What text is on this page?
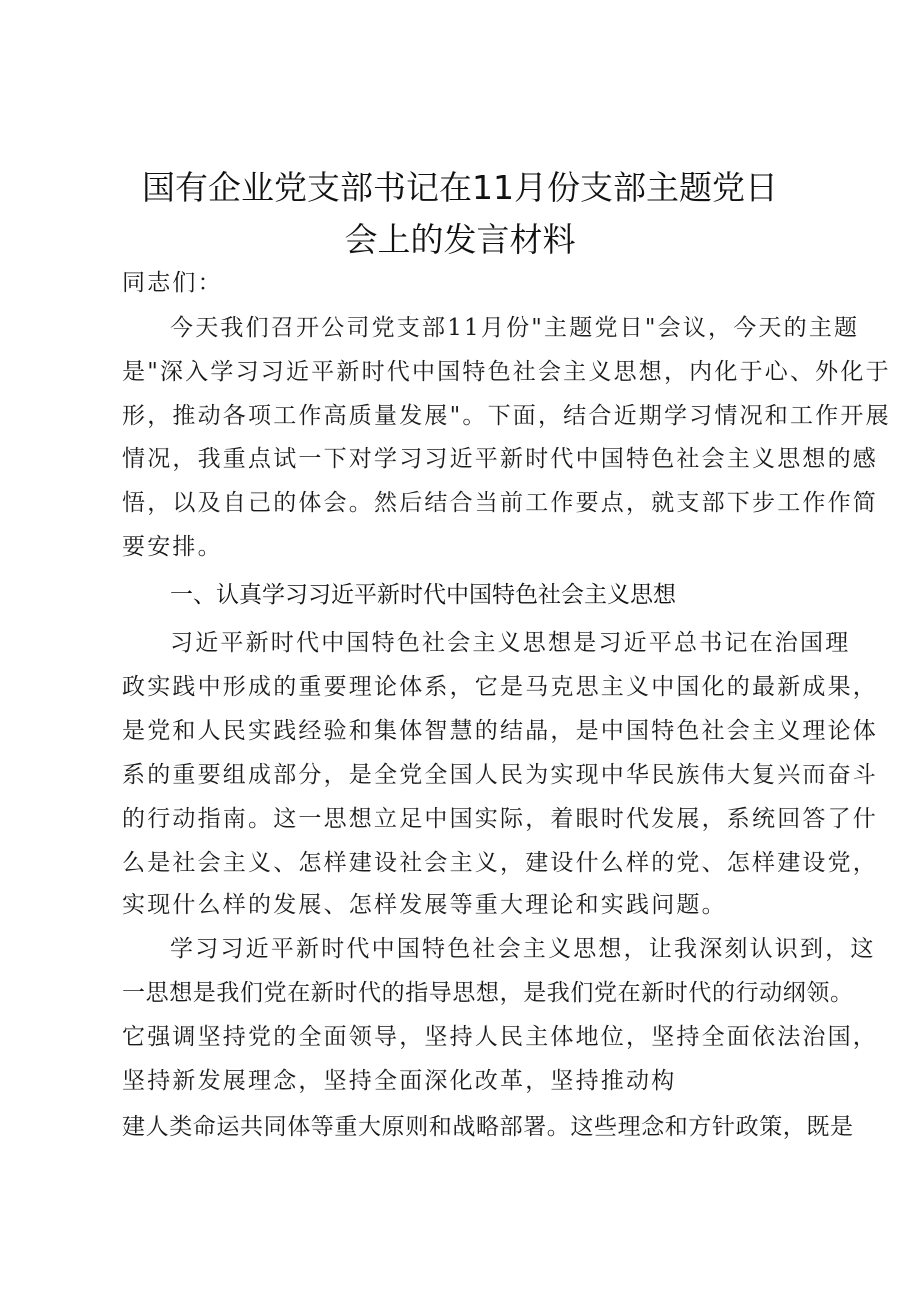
国有企业党支部书记在11月份支部主题党日
会上的发言材料

同志们：

今天我们召开公司党支部11月份"主题党日"会议，今天的主题

是"深入学习习近平新时代中国特色社会主义思想，内化于心、外化于

形，推动各项工作高质量发展"。下面，结合近期学习情况和工作开展

情况，我重点试一下对学习习近平新时代中国特色社会主义思想的感

悟，以及自己的体会。然后结合当前工作要点，就支部下步工作作简

要安排。

一、认真学习习近平新时代中国特色社会主义思想

习近平新时代中国特色社会主义思想是习近平总书记在治国理

政实践中形成的重要理论体系，它是马克思主义中国化的最新成果，

是党和人民实践经验和集体智慧的结晶，是中国特色社会主义理论体

系的重要组成部分，是全党全国人民为实现中华民族伟大复兴而奋斗

的行动指南。这一思想立足中国实际，着眼时代发展，系统回答了什

么是社会主义、怎样建设社会主义，建设什么样的党、怎样建设党，

实现什么样的发展、怎样发展等重大理论和实践问题。

学习习近平新时代中国特色社会主义思想，让我深刻认识到，这

一思想是我们党在新时代的指导思想，是我们党在新时代的行动纲领。

它强调坚持党的全面领导，坚持人民主体地位，坚持全面依法治国，

坚持新发展理念，坚持全面深化改革，坚持推动构

建人类命运共同体等重大原则和战略部署。这些理念和方针政策，既是
